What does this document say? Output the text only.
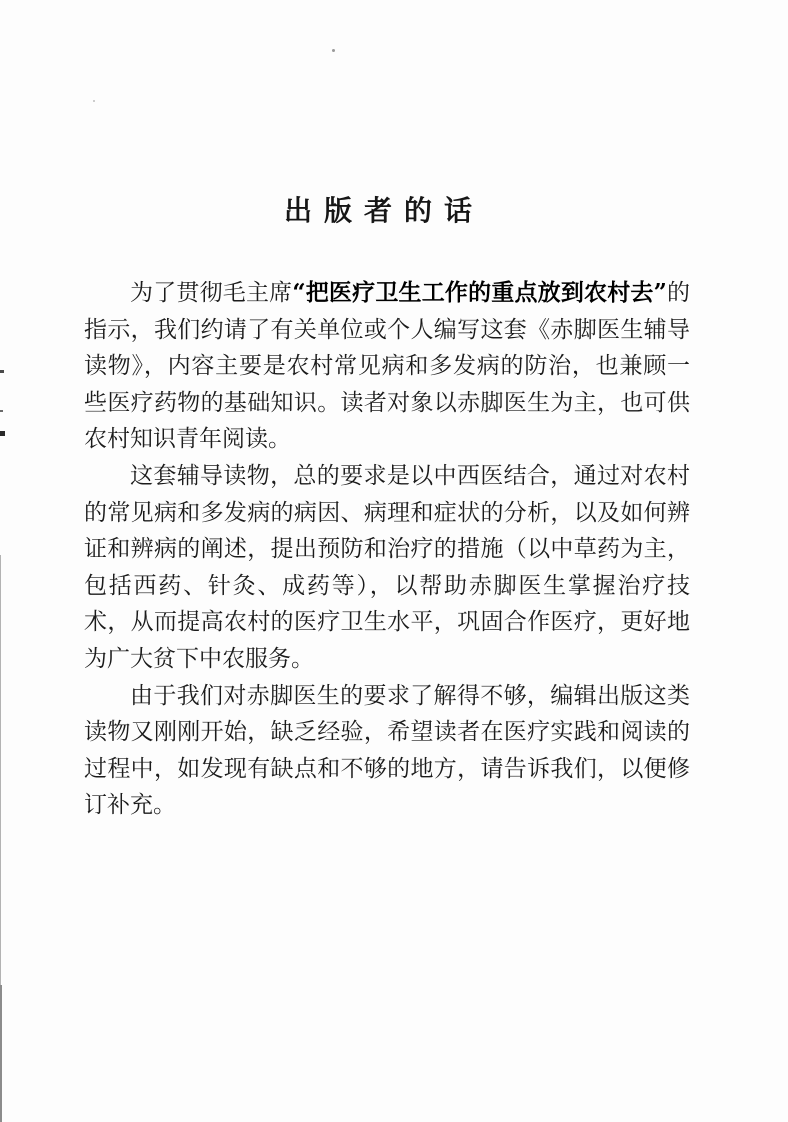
出版者的话
为了贯彻毛主席“把医疗卫生工作的重点放到农村去”的
指示，我们约请了有关单位或个人编写这套《赤脚医生辅导
读物》，内容主要是农村常见病和多发病的防治，也兼顾一
些医疗药物的基础知识。读者对象以赤脚医生为主，也可供
农村知识青年阅读。
这套辅导读物，总的要求是以中西医结合，通过对农村
的常见病和多发病的病因、病理和症状的分析，以及如何辨
证和辨病的阐述，提出预防和治疗的措施（以中草药为主，
包括西药、针灸、成药等），以帮助赤脚医生掌握治疗技
术，从而提高农村的医疗卫生水平，巩固合作医疗，更好地
为广大贫下中农服务。
由于我们对赤脚医生的要求了解得不够，编辑出版这类
读物又刚刚开始，缺乏经验，希望读者在医疗实践和阅读的
过程中，如发现有缺点和不够的地方，请告诉我们，以便修
订补充。
